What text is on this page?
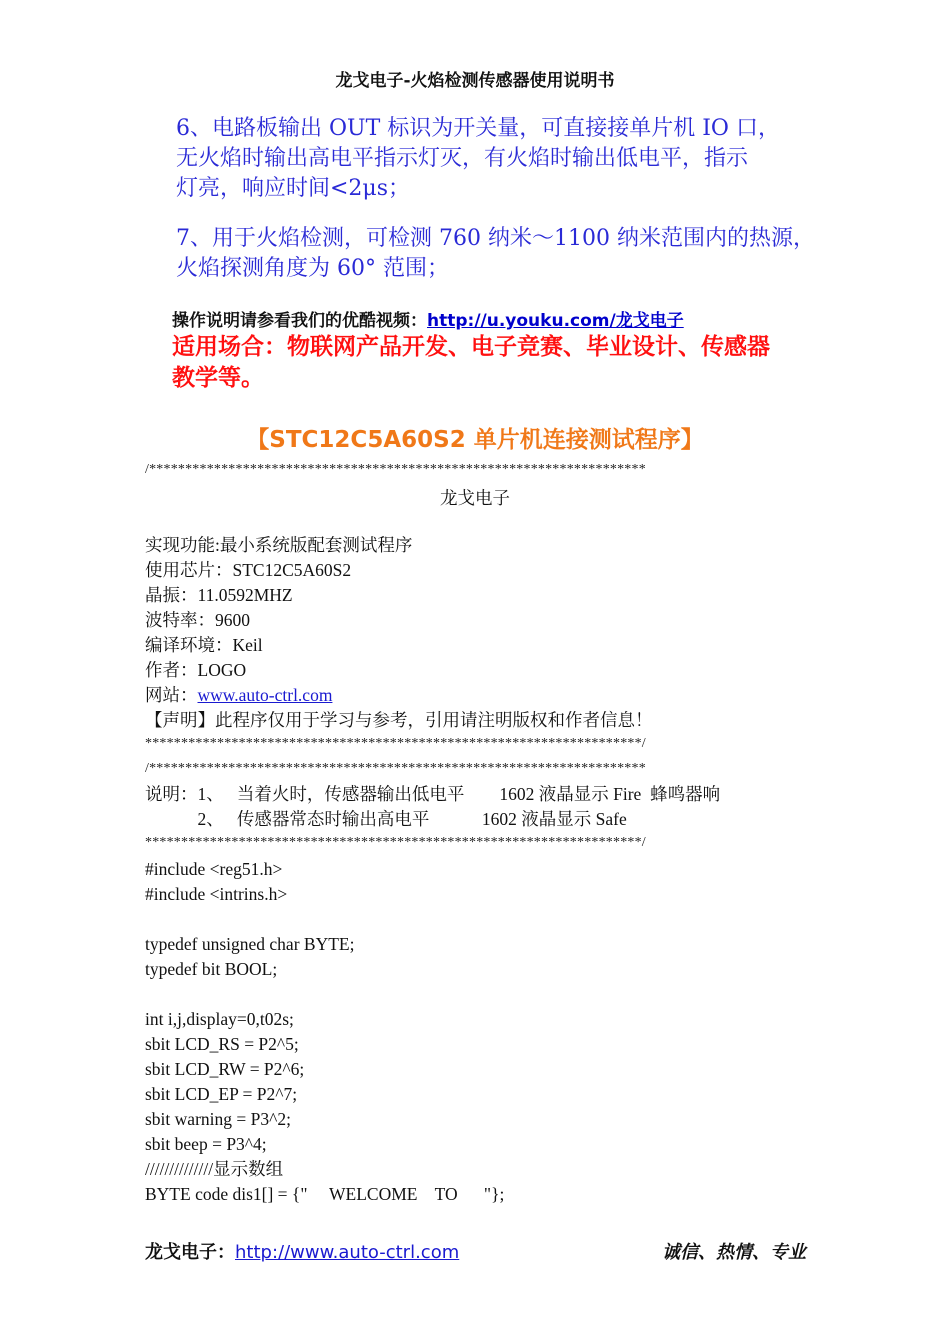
龙戈电子-火焰检测传感器使用说明书
6、电路板输出 OUT 标识为开关量，可直接接单片机 IO 口，
无火焰时输出高电平指示灯灭，有火焰时输出低电平，指示
灯亮，响应时间<2μs；
7、用于火焰检测，可检测 760 纳米～1100 纳米范围内的热源，
火焰探测角度为 60° 范围；
操作说明请参看我们的优酷视频：http://u.youku.com/龙戈电子
适用场合：物联网产品开发、电子竞赛、毕业设计、传感器
教学等。
【STC12C5A60S2 单片机连接测试程序】
/*********************************************************************
龙戈电子
实现功能:最小系统版配套测试程序
使用芯片：STC12C5A60S2
晶振：11.0592MHZ
波特率：9600
编译环境：Keil
作者：LOGO
网站：www.auto-ctrl.com
【声明】此程序仅用于学习与参考，引用请注明版权和作者信息！
*********************************************************************/
/*********************************************************************
说明：1、   当着火时，传感器输出低电平        1602 液晶显示 Fire  蜂鸣器响
2、   传感器常态时输出高电平            1602 液晶显示 Safe
*********************************************************************/
#include <reg51.h>
#include <intrins.h>
typedef unsigned char BYTE;
typedef bit BOOL;
int i,j,display=0,t02s;
sbit LCD_RS = P2^5;
sbit LCD_RW = P2^6;
sbit LCD_EP = P2^7;
sbit warning = P3^2;
sbit beep = P3^4;
//////////////显示数组
BYTE code dis1[] = {"     WELCOME    TO      "};
龙戈电子：http://www.auto-ctrl.com	诚信、热情、专业
